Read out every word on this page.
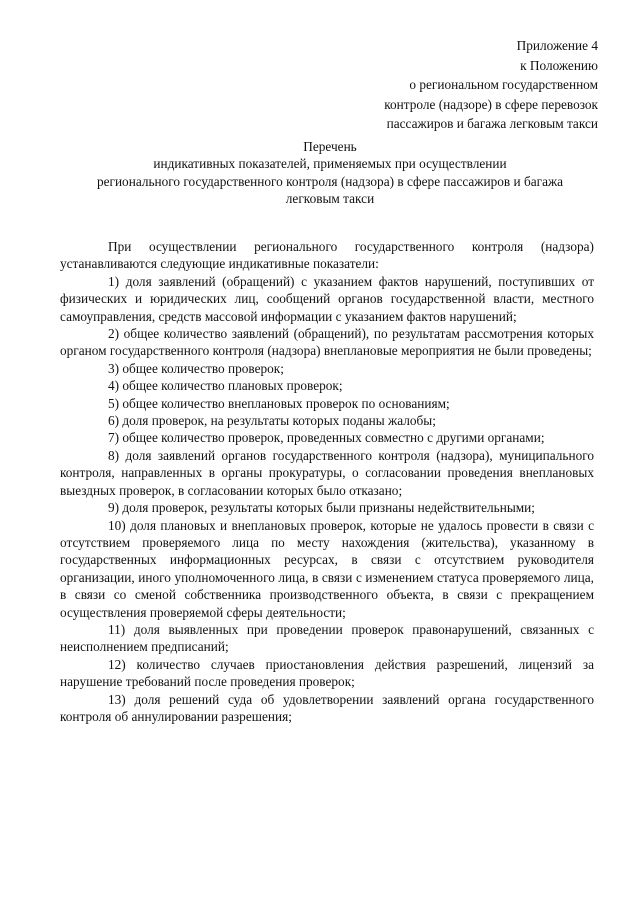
Приложение 4
к Положению
о региональном государственном
контроле (надзоре) в сфере перевозок
пассажиров и багажа легковым такси
Перечень
индикативных показателей, применяемых при осуществлении
регионального государственного контроля (надзора) в сфере пассажиров и багажа
легковым такси

При осуществлении регионального государственного контроля (надзора) устанавливаются следующие индикативные показатели:

1) доля заявлений (обращений) с указанием фактов нарушений, поступивших от физических и юридических лиц, сообщений органов государственной власти, местного самоуправления, средств массовой информации с указанием фактов нарушений;

2) общее количество заявлений (обращений), по результатам рассмотрения которых органом государственного контроля (надзора) внеплановые мероприятия не были проведены;

3) общее количество проверок;

4) общее количество плановых проверок;

5) общее количество внеплановых проверок по основаниям;

6) доля проверок, на результаты которых поданы жалобы;

7) общее количество проверок, проведенных совместно с другими органами;

8) доля заявлений органов государственного контроля (надзора), муниципального контроля, направленных в органы прокуратуры, о согласовании проведения внеплановых выездных проверок, в согласовании которых было отказано;

9) доля проверок, результаты которых были признаны недействительными;

10) доля плановых и внеплановых проверок, которые не удалось провести в связи с отсутствием проверяемого лица по месту нахождения (жительства), указанному в государственных информационных ресурсах, в связи с отсутствием руководителя организации, иного уполномоченного лица, в связи с изменением статуса проверяемого лица, в связи со сменой собственника производственного объекта, в связи с прекращением осуществления проверяемой сферы деятельности;

11) доля выявленных при проведении проверок правонарушений, связанных с неисполнением предписаний;

12) количество случаев приостановления действия разрешений, лицензий за нарушение требований после проведения проверок;

13) доля решений суда об удовлетворении заявлений органа государственного контроля об аннулировании разрешения;
